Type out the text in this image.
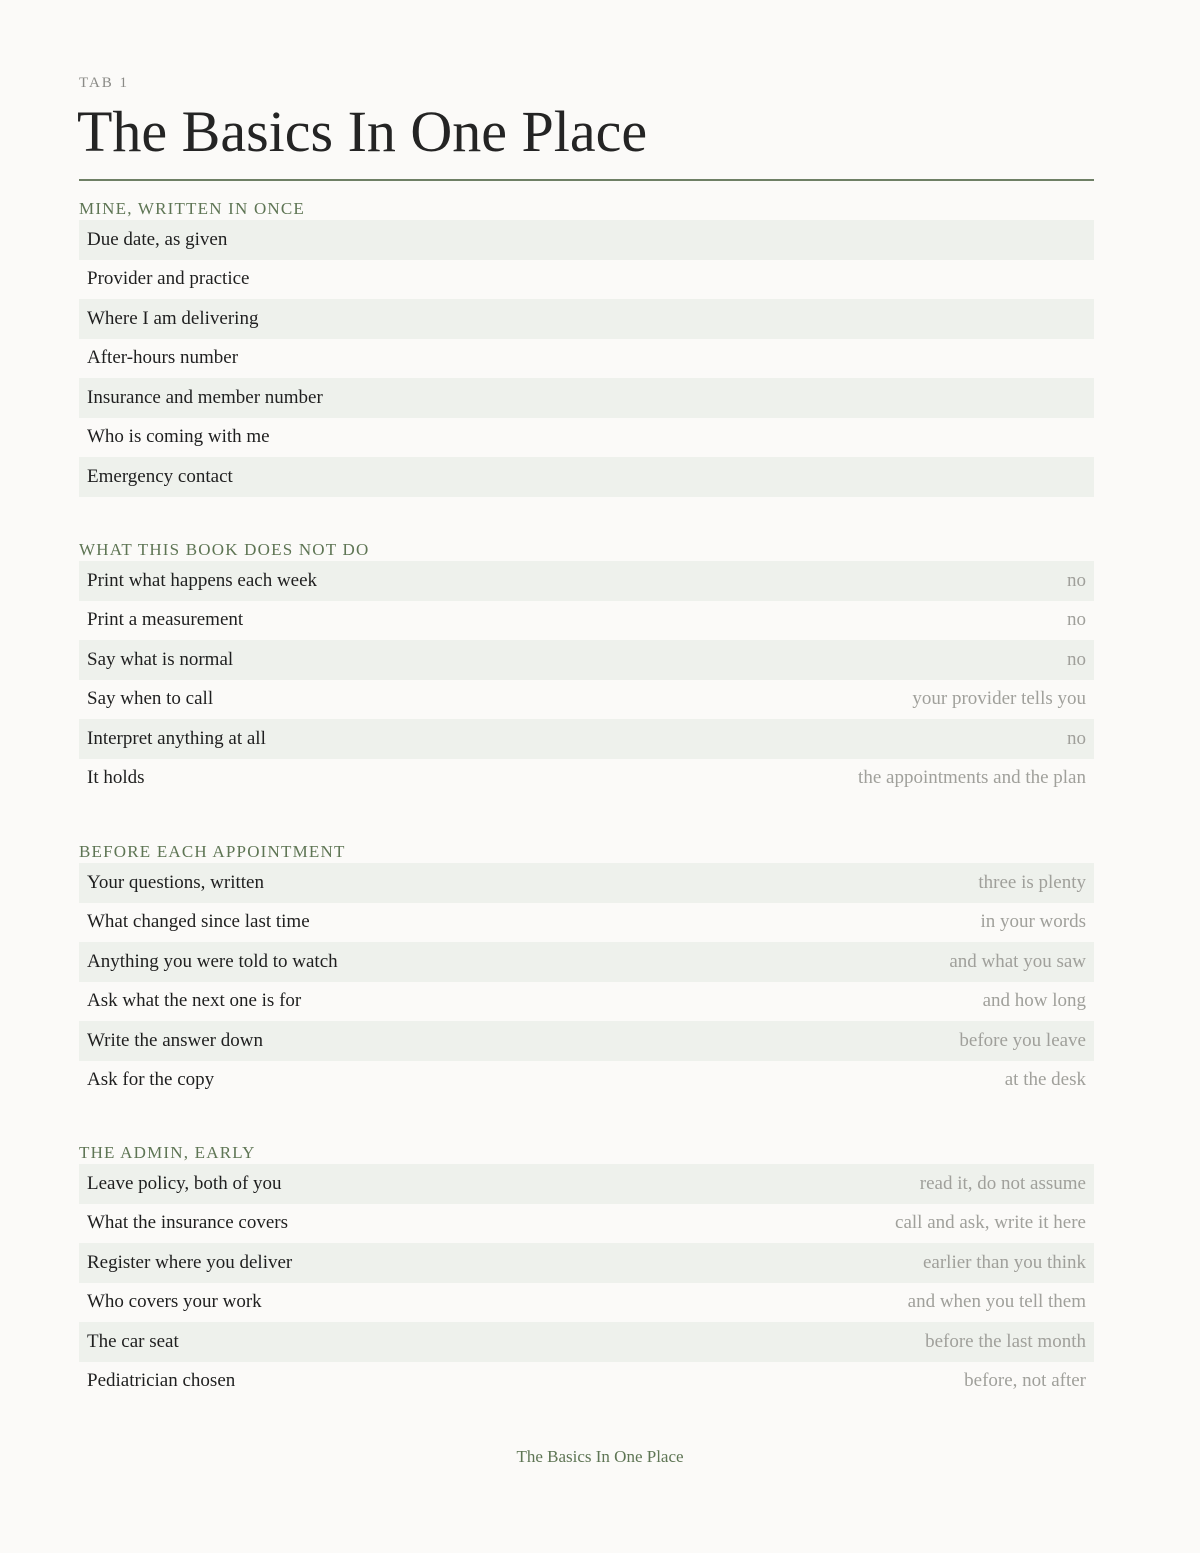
TAB 1
The Basics In One Place
MINE, WRITTEN IN ONCE
Due date, as given
Provider and practice
Where I am delivering
After-hours number
Insurance and member number
Who is coming with me
Emergency contact
WHAT THIS BOOK DOES NOT DO
Print what happens each week	no
Print a measurement	no
Say what is normal	no
Say when to call	your provider tells you
Interpret anything at all	no
It holds	the appointments and the plan
BEFORE EACH APPOINTMENT
Your questions, written	three is plenty
What changed since last time	in your words
Anything you were told to watch	and what you saw
Ask what the next one is for	and how long
Write the answer down	before you leave
Ask for the copy	at the desk
THE ADMIN, EARLY
Leave policy, both of you	read it, do not assume
What the insurance covers	call and ask, write it here
Register where you deliver	earlier than you think
Who covers your work	and when you tell them
The car seat	before the last month
Pediatrician chosen	before, not after
The Basics In One Place
